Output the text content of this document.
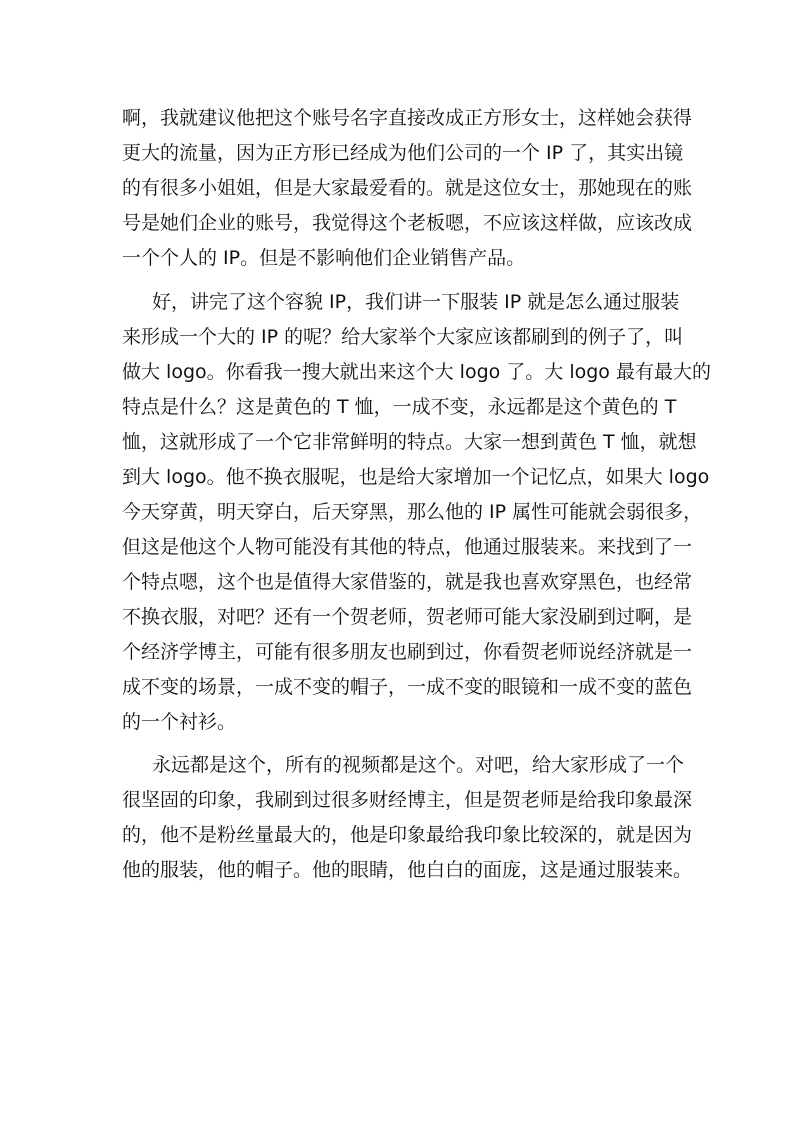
啊，我就建议他把这个账号名字直接改成正方形女士，这样她会获得
更大的流量，因为正方形已经成为他们公司的一个 IP 了，其实出镜
的有很多小姐姐，但是大家最爱看的。就是这位女士，那她现在的账
号是她们企业的账号，我觉得这个老板嗯，不应该这样做，应该改成
一个个人的 IP。但是不影响他们企业销售产品。
好，讲完了这个容貌 IP，我们讲一下服装 IP 就是怎么通过服装
来形成一个大的 IP 的呢？给大家举个大家应该都刷到的例子了，叫
做大 logo。你看我一搜大就出来这个大 logo 了。大 logo 最有最大的
特点是什么？这是黄色的 T 恤，一成不变，永远都是这个黄色的 T
恤，这就形成了一个它非常鲜明的特点。大家一想到黄色 T 恤，就想
到大 logo。他不换衣服呢，也是给大家增加一个记忆点，如果大 logo
今天穿黄，明天穿白，后天穿黑，那么他的 IP 属性可能就会弱很多，
但这是他这个人物可能没有其他的特点，他通过服装来。来找到了一
个特点嗯，这个也是值得大家借鉴的，就是我也喜欢穿黑色，也经常
不换衣服，对吧？还有一个贺老师，贺老师可能大家没刷到过啊，是
个经济学博主，可能有很多朋友也刷到过，你看贺老师说经济就是一
成不变的场景，一成不变的帽子，一成不变的眼镜和一成不变的蓝色
的一个衬衫。
永远都是这个，所有的视频都是这个。对吧，给大家形成了一个
很坚固的印象，我刷到过很多财经博主，但是贺老师是给我印象最深
的，他不是粉丝量最大的，他是印象最给我印象比较深的，就是因为
他的服装，他的帽子。他的眼睛，他白白的面庞，这是通过服装来。
